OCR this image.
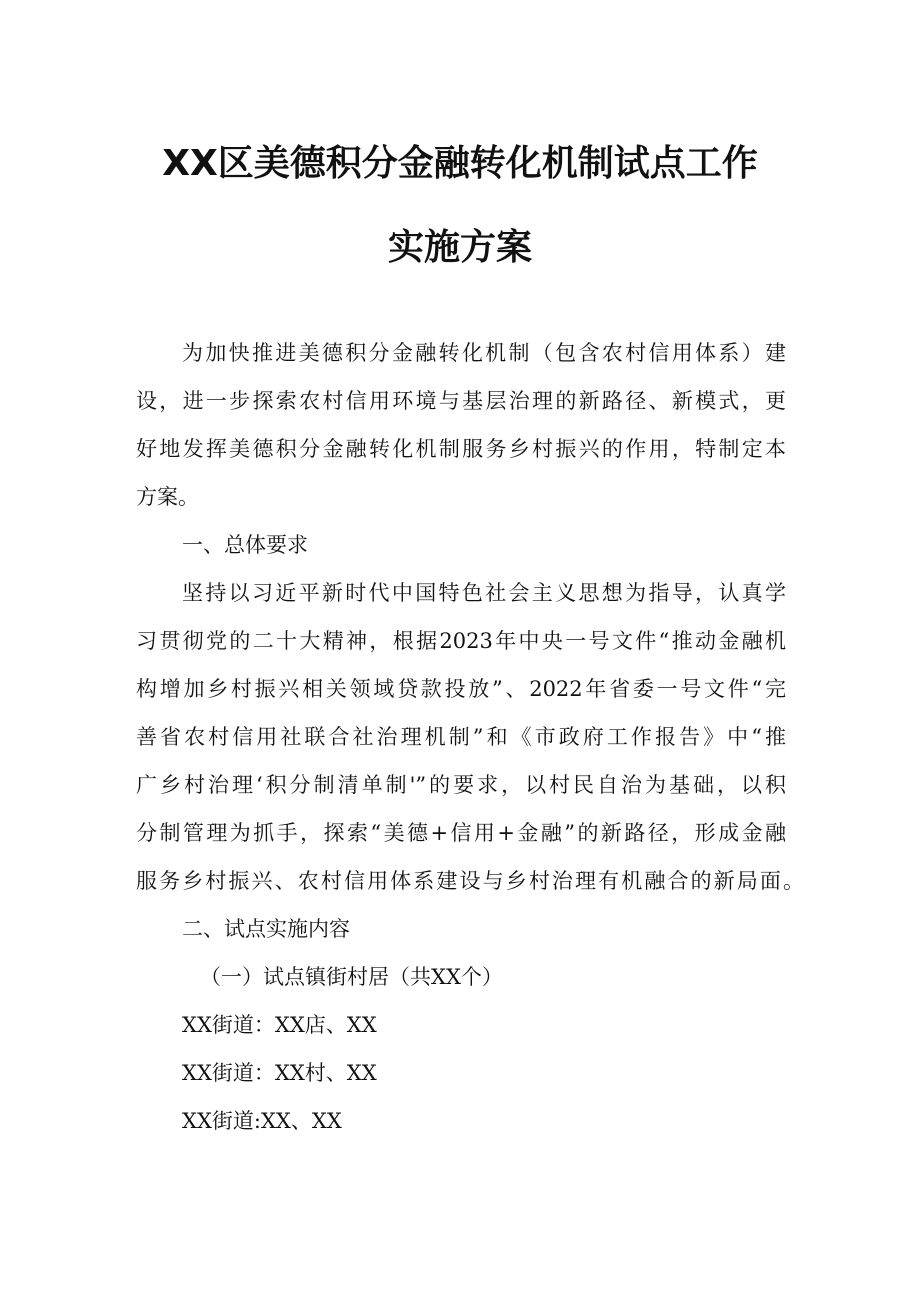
XX区美德积分金融转化机制试点工作
实施方案
为加快推进美德积分金融转化机制（包含农村信用体系）建
设，进一步探索农村信用环境与基层治理的新路径、新模式，更
好地发挥美德积分金融转化机制服务乡村振兴的作用，特制定本
方案。
一、总体要求
坚持以习近平新时代中国特色社会主义思想为指导，认真学
习贯彻党的二十大精神，根据2023年中央一号文件“推动金融机
构增加乡村振兴相关领域贷款投放”、2022年省委一号文件“完
善省农村信用社联合社治理机制”和《市政府工作报告》中“推
广乡村治理‘积分制清单制'”的要求，以村民自治为基础，以积
分制管理为抓手，探索“美德+信用+金融”的新路径，形成金融
服务乡村振兴、农村信用体系建设与乡村治理有机融合的新局面。
二、试点实施内容
（一）试点镇街村居（共XX个）
XX街道：XX店、XX
XX街道：XX村、XX
XX街道:XX、XX
